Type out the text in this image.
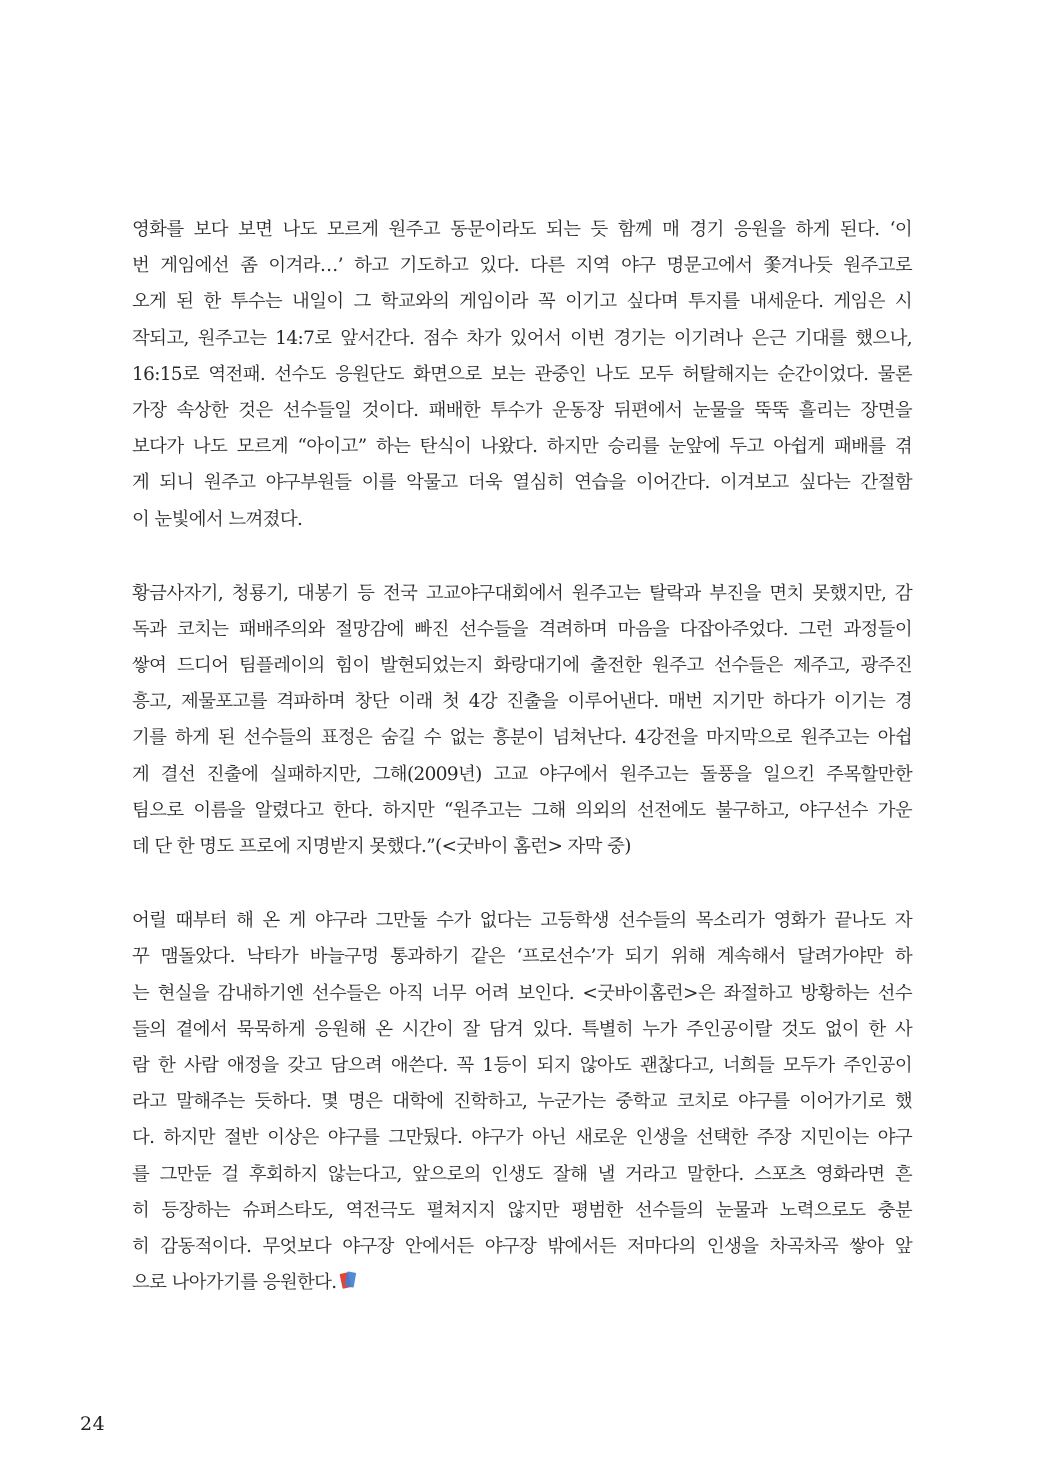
영화를 보다 보면 나도 모르게 원주고 동문이라도 되는 듯 함께 매 경기 응원을 하게 된다. ‘이
번 게임에선 좀 이겨라…’ 하고 기도하고 있다. 다른 지역 야구 명문고에서 쫓겨나듯 원주고로
오게 된 한 투수는 내일이 그 학교와의 게임이라 꼭 이기고 싶다며 투지를 내세운다. 게임은 시
작되고, 원주고는 14:7로 앞서간다. 점수 차가 있어서 이번 경기는 이기려나 은근 기대를 했으나,
16:15로 역전패. 선수도 응원단도 화면으로 보는 관중인 나도 모두 허탈해지는 순간이었다. 물론
가장 속상한 것은 선수들일 것이다. 패배한 투수가 운동장 뒤편에서 눈물을 뚝뚝 흘리는 장면을
보다가 나도 모르게 “아이고” 하는 탄식이 나왔다. 하지만 승리를 눈앞에 두고 아쉽게 패배를 겪
게 되니 원주고 야구부원들 이를 악물고 더욱 열심히 연습을 이어간다. 이겨보고 싶다는 간절함
이 눈빛에서 느껴졌다.
황금사자기, 청룡기, 대봉기 등 전국 고교야구대회에서 원주고는 탈락과 부진을 면치 못했지만, 감
독과 코치는 패배주의와 절망감에 빠진 선수들을 격려하며 마음을 다잡아주었다. 그런 과정들이
쌓여 드디어 팀플레이의 힘이 발현되었는지 화랑대기에 출전한 원주고 선수들은 제주고, 광주진
흥고, 제물포고를 격파하며 창단 이래 첫 4강 진출을 이루어낸다. 매번 지기만 하다가 이기는 경
기를 하게 된 선수들의 표정은 숨길 수 없는 흥분이 넘쳐난다. 4강전을 마지막으로 원주고는 아쉽
게 결선 진출에 실패하지만, 그해(2009년) 고교 야구에서 원주고는 돌풍을 일으킨 주목할만한
팀으로 이름을 알렸다고 한다. 하지만 “원주고는 그해 의외의 선전에도 불구하고, 야구선수 가운
데 단 한 명도 프로에 지명받지 못했다.”(<굿바이 홈런> 자막 중)
어릴 때부터 해 온 게 야구라 그만둘 수가 없다는 고등학생 선수들의 목소리가 영화가 끝나도 자
꾸 맴돌았다. 낙타가 바늘구멍 통과하기 같은 ‘프로선수’가 되기 위해 계속해서 달려가야만 하
는 현실을 감내하기엔 선수들은 아직 너무 어려 보인다. <굿바이홈런>은 좌절하고 방황하는 선수
들의 곁에서 묵묵하게 응원해 온 시간이 잘 담겨 있다. 특별히 누가 주인공이랄 것도 없이 한 사
람 한 사람 애정을 갖고 담으려 애쓴다. 꼭 1등이 되지 않아도 괜찮다고, 너희들 모두가 주인공이
라고 말해주는 듯하다. 몇 명은 대학에 진학하고, 누군가는 중학교 코치로 야구를 이어가기로 했
다. 하지만 절반 이상은 야구를 그만뒀다. 야구가 아닌 새로운 인생을 선택한 주장 지민이는 야구
를 그만둔 걸 후회하지 않는다고, 앞으로의 인생도 잘해 낼 거라고 말한다. 스포츠 영화라면 흔
히 등장하는 슈퍼스타도, 역전극도 펼쳐지지 않지만 평범한 선수들의 눈물과 노력으로도 충분
히 감동적이다. 무엇보다 야구장 안에서든 야구장 밖에서든 저마다의 인생을 차곡차곡 쌓아 앞
으로 나아가기를 응원한다.
24
